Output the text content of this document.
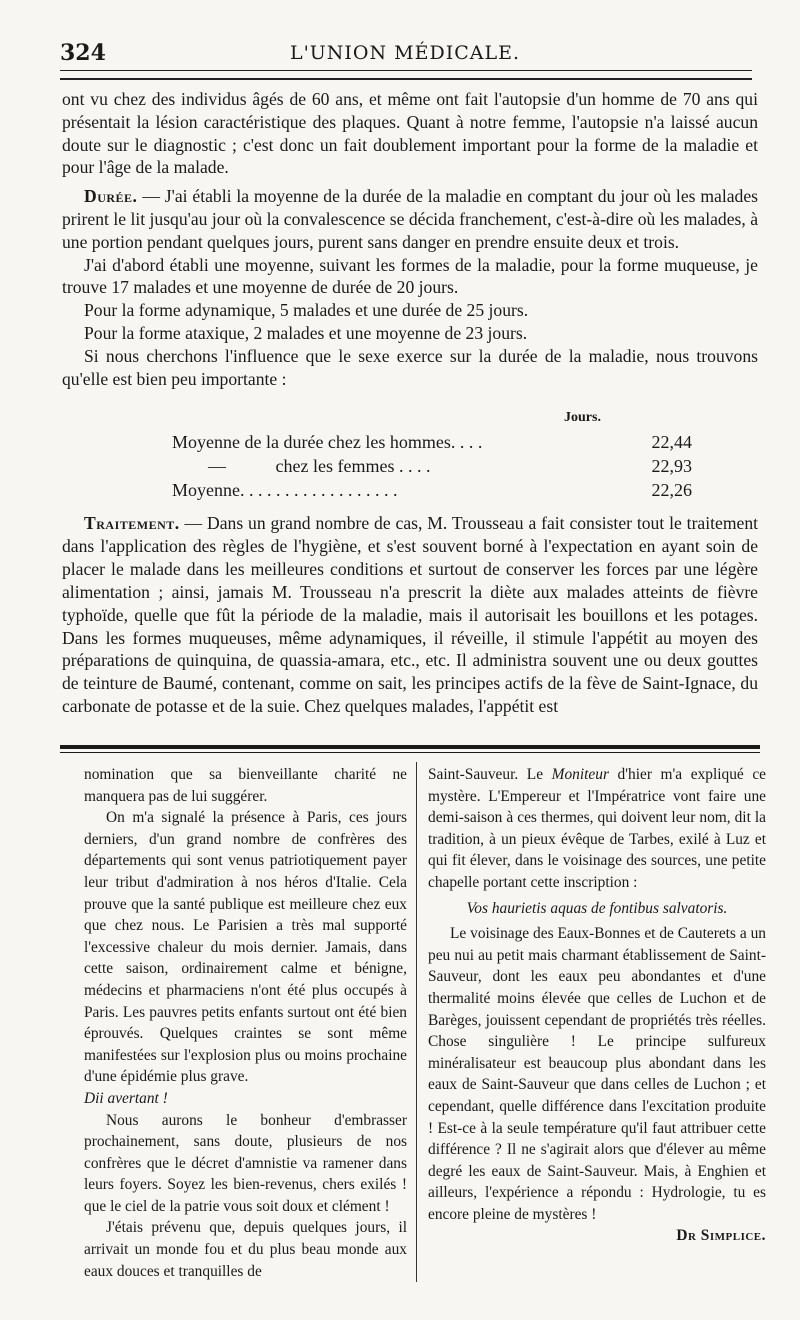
324	L'UNION MÉDICALE.

ont vu chez des individus âgés de 60 ans, et même ont fait l'autopsie d'un homme de 70 ans qui présentait la lésion caractéristique des plaques. Quant à notre femme, l'autopsie n'a laissé aucun doute sur le diagnostic ; c'est donc un fait doublement important pour la forme de la maladie et pour l'âge de la malade.

Durée. — J'ai établi la moyenne de la durée de la maladie en comptant du jour où les malades prirent le lit jusqu'au jour où la convalescence se décida franchement, c'est-à-dire où les malades, à une portion pendant quelques jours, purent sans danger en prendre ensuite deux et trois.

J'ai d'abord établi une moyenne, suivant les formes de la maladie, pour la forme muqueuse, je trouve 17 malades et une moyenne de durée de 20 jours.

Pour la forme adynamique, 5 malades et une durée de 25 jours.

Pour la forme ataxique, 2 malades et une moyenne de 23 jours.

Si nous cherchons l'influence que le sexe exerce sur la durée de la maladie, nous trouvons qu'elle est bien peu importante :

Jours.
Moyenne de la durée chez les hommes. . . .	22,44
—           chez les femmes . . . .	22,93
Moyenne. . . . . . . . . . . . . . . . . .	22,26

Traitement. — Dans un grand nombre de cas, M. Trousseau a fait consister tout le traitement dans l'application des règles de l'hygiène, et s'est souvent borné à l'expectation en ayant soin de placer le malade dans les meilleures conditions et surtout de conserver les forces par une légère alimentation ; ainsi, jamais M. Trousseau n'a prescrit la diète aux malades atteints de fièvre typhoïde, quelle que fût la période de la maladie, mais il autorisait les bouillons et les potages. Dans les formes muqueuses, même adynamiques, il réveille, il stimule l'appétit au moyen des préparations de quinquina, de quassia-amara, etc., etc. Il administra souvent une ou deux gouttes de teinture de Baumé, contenant, comme on sait, les principes actifs de la fève de Saint-Ignace, du carbonate de potasse et de la suie. Chez quelques malades, l'appétit est

nomination que sa bienveillante charité ne manquera pas de lui suggérer.

On m'a signalé la présence à Paris, ces jours derniers, d'un grand nombre de confrères des départements qui sont venus patriotiquement payer leur tribut d'admiration à nos héros d'Italie. Cela prouve que la santé publique est meilleure chez eux que chez nous. Le Parisien a très mal supporté l'excessive chaleur du mois dernier. Jamais, dans cette saison, ordinairement calme et bénigne, médecins et pharmaciens n'ont été plus occupés à Paris. Les pauvres petits enfants surtout ont été bien éprouvés. Quelques craintes se sont même manifestées sur l'explosion plus ou moins prochaine d'une épidémie plus grave.

Dii avertant !

Nous aurons le bonheur d'embrasser prochainement, sans doute, plusieurs de nos confrères que le décret d'amnistie va ramener dans leurs foyers. Soyez les bien-revenus, chers exilés ! que le ciel de la patrie vous soit doux et clément !

J'étais prévenu que, depuis quelques jours, il arrivait un monde fou et du plus beau monde aux eaux douces et tranquilles de

Saint-Sauveur. Le Moniteur d'hier m'a expliqué ce mystère. L'Empereur et l'Impératrice vont faire une demi-saison à ces thermes, qui doivent leur nom, dit la tradition, à un pieux évêque de Tarbes, exilé à Luz et qui fit élever, dans le voisinage des sources, une petite chapelle portant cette inscription :

Vos haurietis aquas de fontibus salvatoris.

Le voisinage des Eaux-Bonnes et de Cauterets a un peu nui au petit mais charmant établissement de Saint-Sauveur, dont les eaux peu abondantes et d'une thermalité moins élevée que celles de Luchon et de Barèges, jouissent cependant de propriétés très réelles. Chose singulière ! Le principe sulfureux minéralisateur est beaucoup plus abondant dans les eaux de Saint-Sauveur que dans celles de Luchon ; et cependant, quelle différence dans l'excitation produite ! Est-ce à la seule température qu'il faut attribuer cette différence ? Il ne s'agirait alors que d'élever au même degré les eaux de Saint-Sauveur. Mais, à Enghien et ailleurs, l'expérience a répondu : Hydrologie, tu es encore pleine de mystères !

Dr Simplice.
